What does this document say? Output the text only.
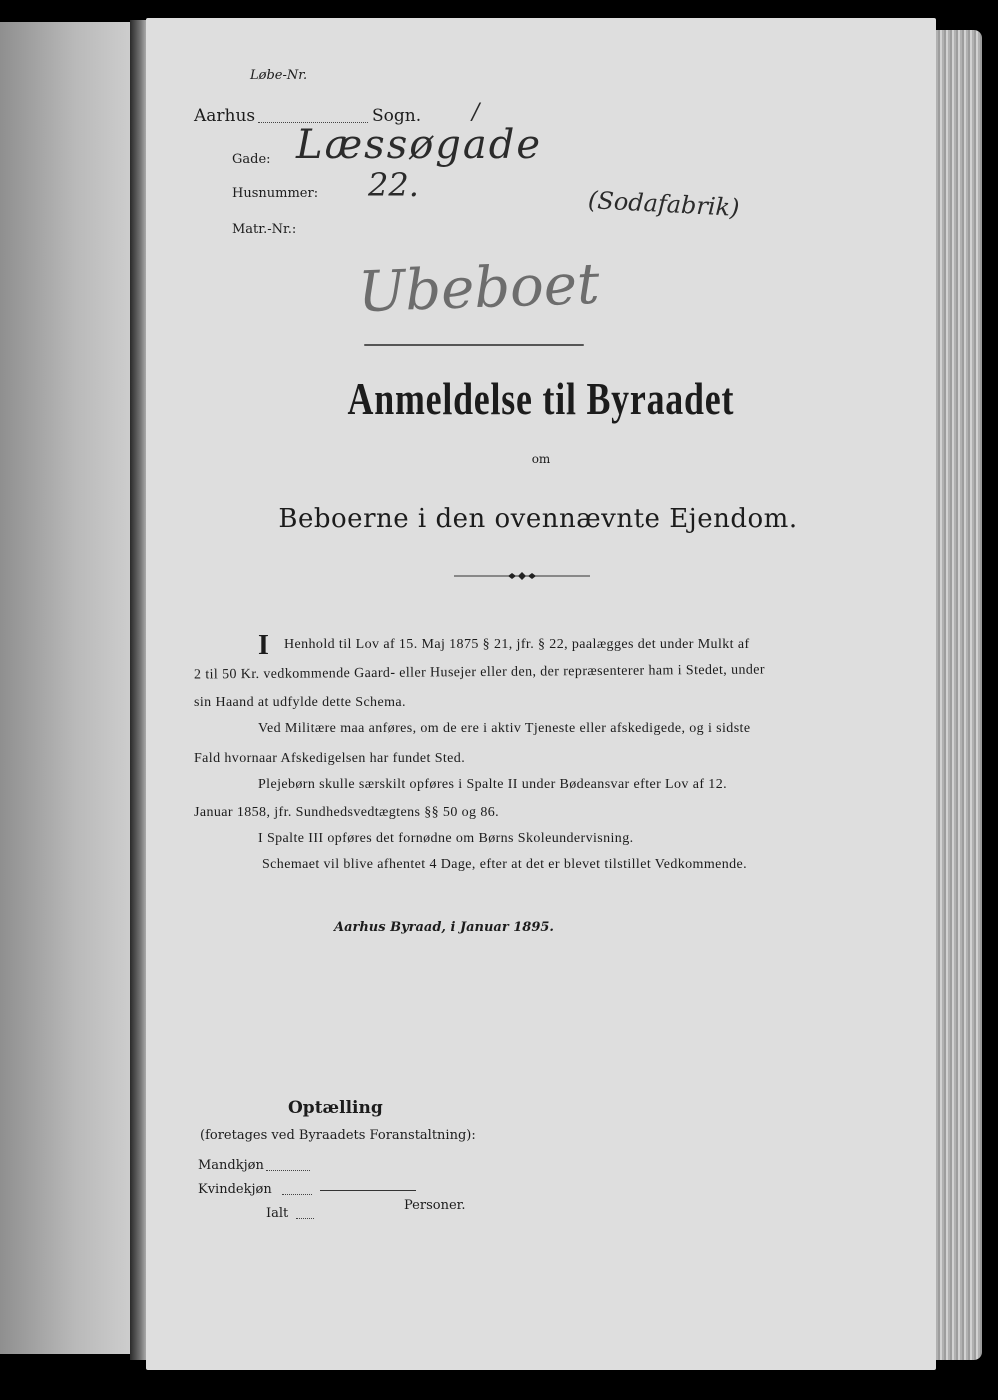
Løbe-Nr.
Aarhus	Sogn. /
Gade: Læssøgade
Husnummer: 22.
Matr.-Nr.:
(Sodafabrik)
Ubeboet
Anmeldelse til Byraadet
om
Beboerne i den ovennævnte Ejendom.
I Henhold til Lov af 15. Maj 1875 § 21, jfr. § 22, paalægges det under Mulkt af
2 til 50 Kr. vedkommende Gaard- eller Husejer eller den, der repræsenterer ham i Stedet, under
sin Haand at udfylde dette Schema.
Ved Militære maa anføres, om de ere i aktiv Tjeneste eller afskedigede, og i sidste
Fald hvornaar Afskedigelsen har fundet Sted.
Plejebørn skulle særskilt opføres i Spalte II under Bødeansvar efter Lov af 12.
Januar 1858, jfr. Sundhedsvedtægtens §§ 50 og 86.
I Spalte III opføres det fornødne om Børns Skoleundervisning.
Schemaet vil blive afhentet 4 Dage, efter at det er blevet tilstillet Vedkommende.
Aarhus Byraad, i Januar 1895.
Optælling
(foretages ved Byraadets Foranstaltning):
Mandkjøn
Kvindekjøn
Ialt
Personer.
